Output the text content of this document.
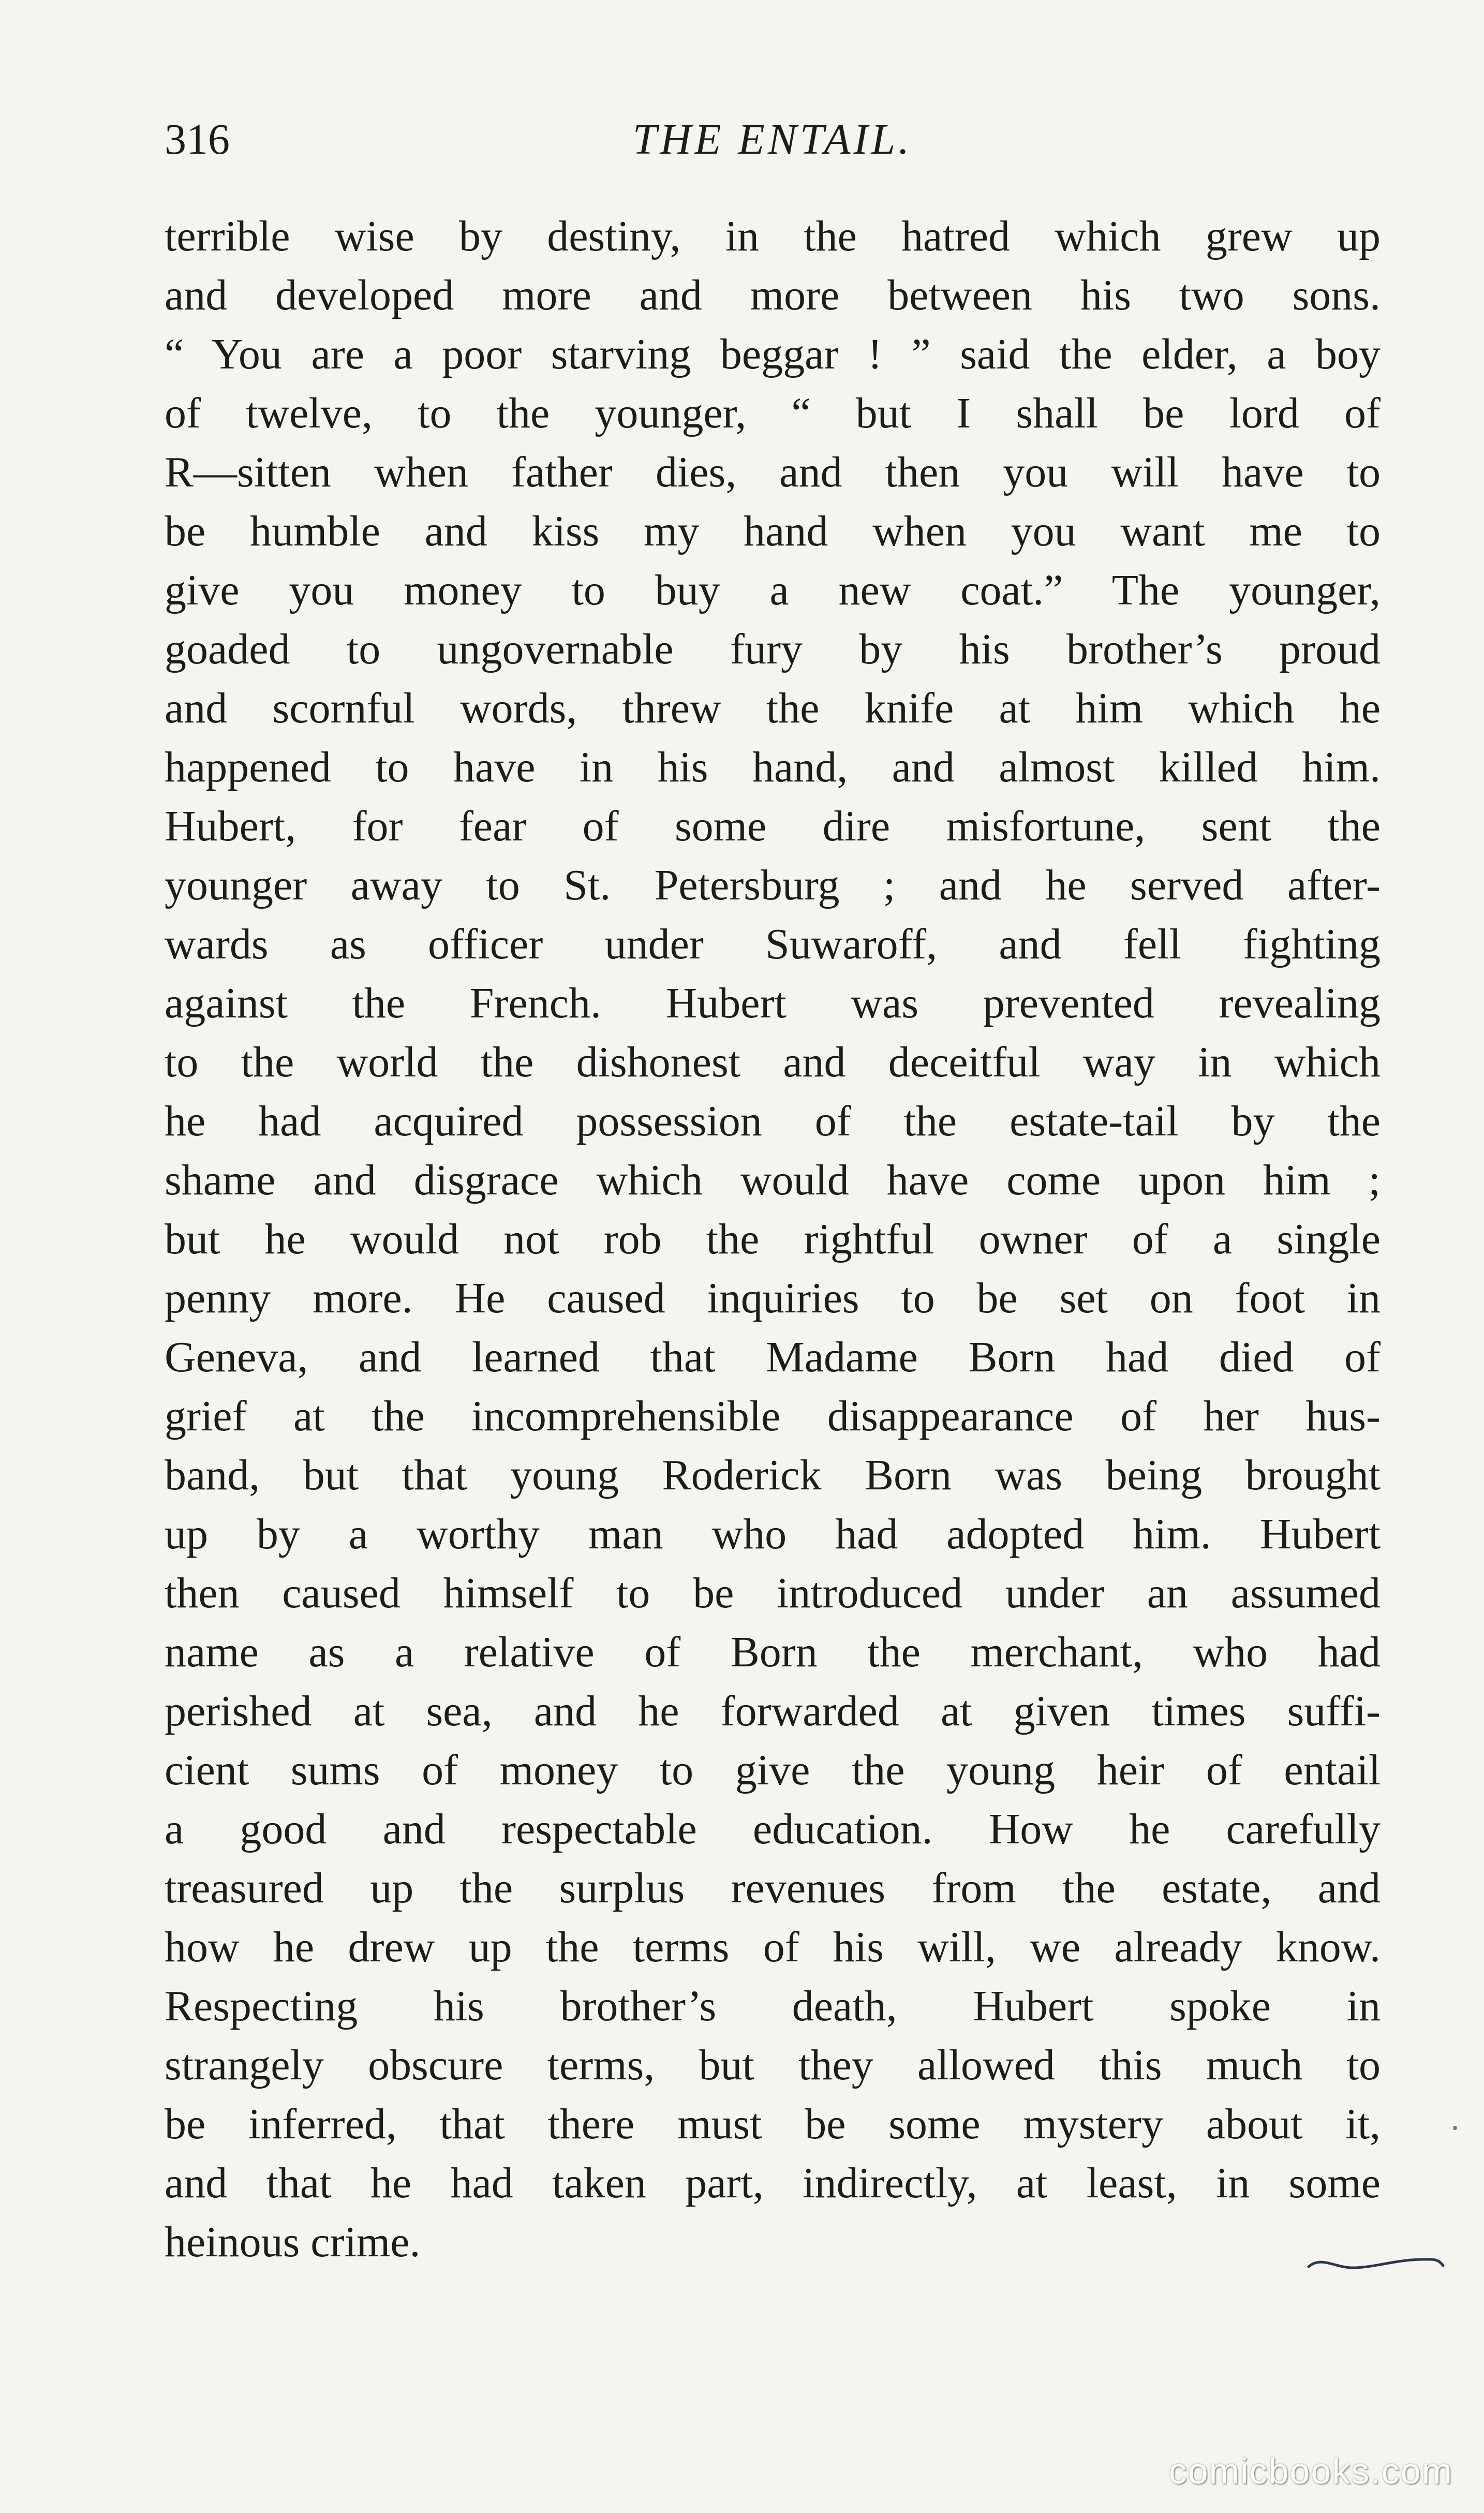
316	THE ENTAIL.
terrible wise by destiny, in the hatred which grew up
and developed more and more between his two sons.
“ You are a poor starving beggar ! ” said the elder, a boy
of twelve, to the younger, “ but I shall be lord of
R—sitten when father dies, and then you will have to
be humble and kiss my hand when you want me to
give you money to buy a new coat.” The younger,
goaded to ungovernable fury by his brother’s proud
and scornful words, threw the knife at him which he
happened to have in his hand, and almost killed him.
Hubert, for fear of some dire misfortune, sent the
younger away to St. Petersburg ; and he served after-
wards as officer under Suwaroff, and fell fighting
against the French. Hubert was prevented revealing
to the world the dishonest and deceitful way in which
he had acquired possession of the estate-tail by the
shame and disgrace which would have come upon him ;
but he would not rob the rightful owner of a single
penny more. He caused inquiries to be set on foot in
Geneva, and learned that Madame Born had died of
grief at the incomprehensible disappearance of her hus-
band, but that young Roderick Born was being brought
up by a worthy man who had adopted him. Hubert
then caused himself to be introduced under an assumed
name as a relative of Born the merchant, who had
perished at sea, and he forwarded at given times suffi-
cient sums of money to give the young heir of entail
a good and respectable education. How he carefully
treasured up the surplus revenues from the estate, and
how he drew up the terms of his will, we already know.
Respecting his brother’s death, Hubert spoke in
strangely obscure terms, but they allowed this much to
be inferred, that there must be some mystery about it,
and that he had taken part, indirectly, at least, in some
heinous crime.
comicbooks.com
